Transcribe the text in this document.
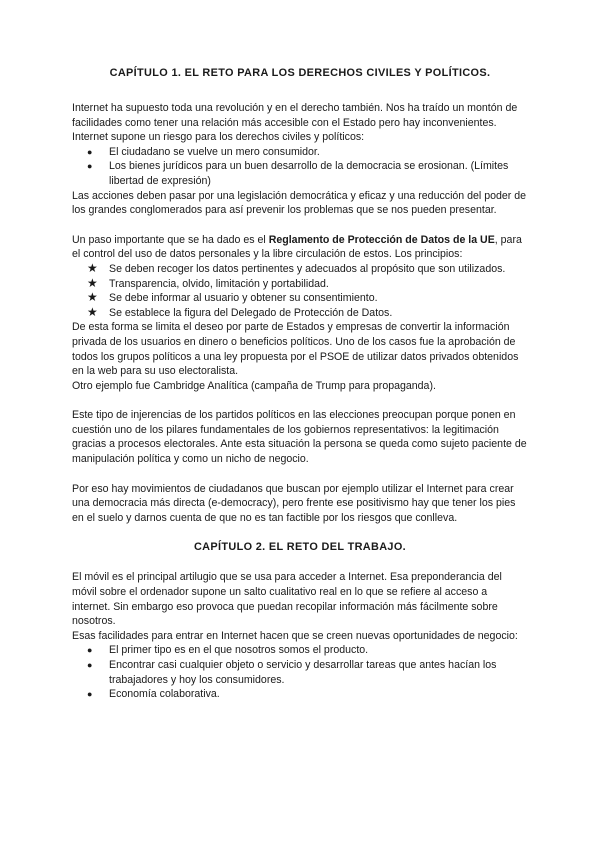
CAPÍTULO 1. EL RETO PARA LOS DERECHOS CIVILES Y POLÍTICOS.

Internet ha supuesto toda una revolución y en el derecho también. Nos ha traído un montón de facilidades como tener una relación más accesible con el Estado pero hay inconvenientes. Internet supone un riesgo para los derechos civiles y políticos:

● El ciudadano se vuelve un mero consumidor.
● Los bienes jurídicos para un buen desarrollo de la democracia se erosionan. (Límites libertad de expresión)

Las acciones deben pasar por una legislación democrática y eficaz y una reducción del poder de los grandes conglomerados para así prevenir los problemas que se nos pueden presentar.

Un paso importante que se ha dado es el Reglamento de Protección de Datos de la UE, para el control del uso de datos personales y la libre circulación de estos. Los principios:

★ Se deben recoger los datos pertinentes y adecuados al propósito que son utilizados.
★ Transparencia, olvido, limitación y portabilidad.
★ Se debe informar al usuario y obtener su consentimiento.
★ Se establece la figura del Delegado de Protección de Datos.

De esta forma se limita el deseo por parte de Estados y empresas de convertir la información privada de los usuarios en dinero o beneficios políticos. Uno de los casos fue la aprobación de todos los grupos políticos a una ley propuesta por el PSOE de utilizar datos privados obtenidos en la web para su uso electoralista.

Otro ejemplo fue Cambridge Analítica (campaña de Trump para propaganda).

Este tipo de injerencias de los partidos políticos en las elecciones preocupan porque ponen en cuestión uno de los pilares fundamentales de los gobiernos representativos: la legitimación gracias a procesos electorales. Ante esta situación la persona se queda como sujeto paciente de manipulación política y como un nicho de negocio.

Por eso hay movimientos de ciudadanos que buscan por ejemplo utilizar el Internet para crear una democracia más directa (e-democracy), pero frente ese positivismo hay que tener los pies en el suelo y darnos cuenta de que no es tan factible por los riesgos que conlleva.

CAPÍTULO 2. EL RETO DEL TRABAJO.

El móvil es el principal artilugio que se usa para acceder a Internet. Esa preponderancia del móvil sobre el ordenador supone un salto cualitativo real en lo que se refiere al acceso a internet. Sin embargo eso provoca que puedan recopilar información más fácilmente sobre nosotros.

Esas facilidades para entrar en Internet hacen que se creen nuevas oportunidades de negocio:

● El primer tipo es en el que nosotros somos el producto.
● Encontrar casi cualquier objeto o servicio y desarrollar tareas que antes hacían los trabajadores y hoy los consumidores.
● Economía colaborativa.
